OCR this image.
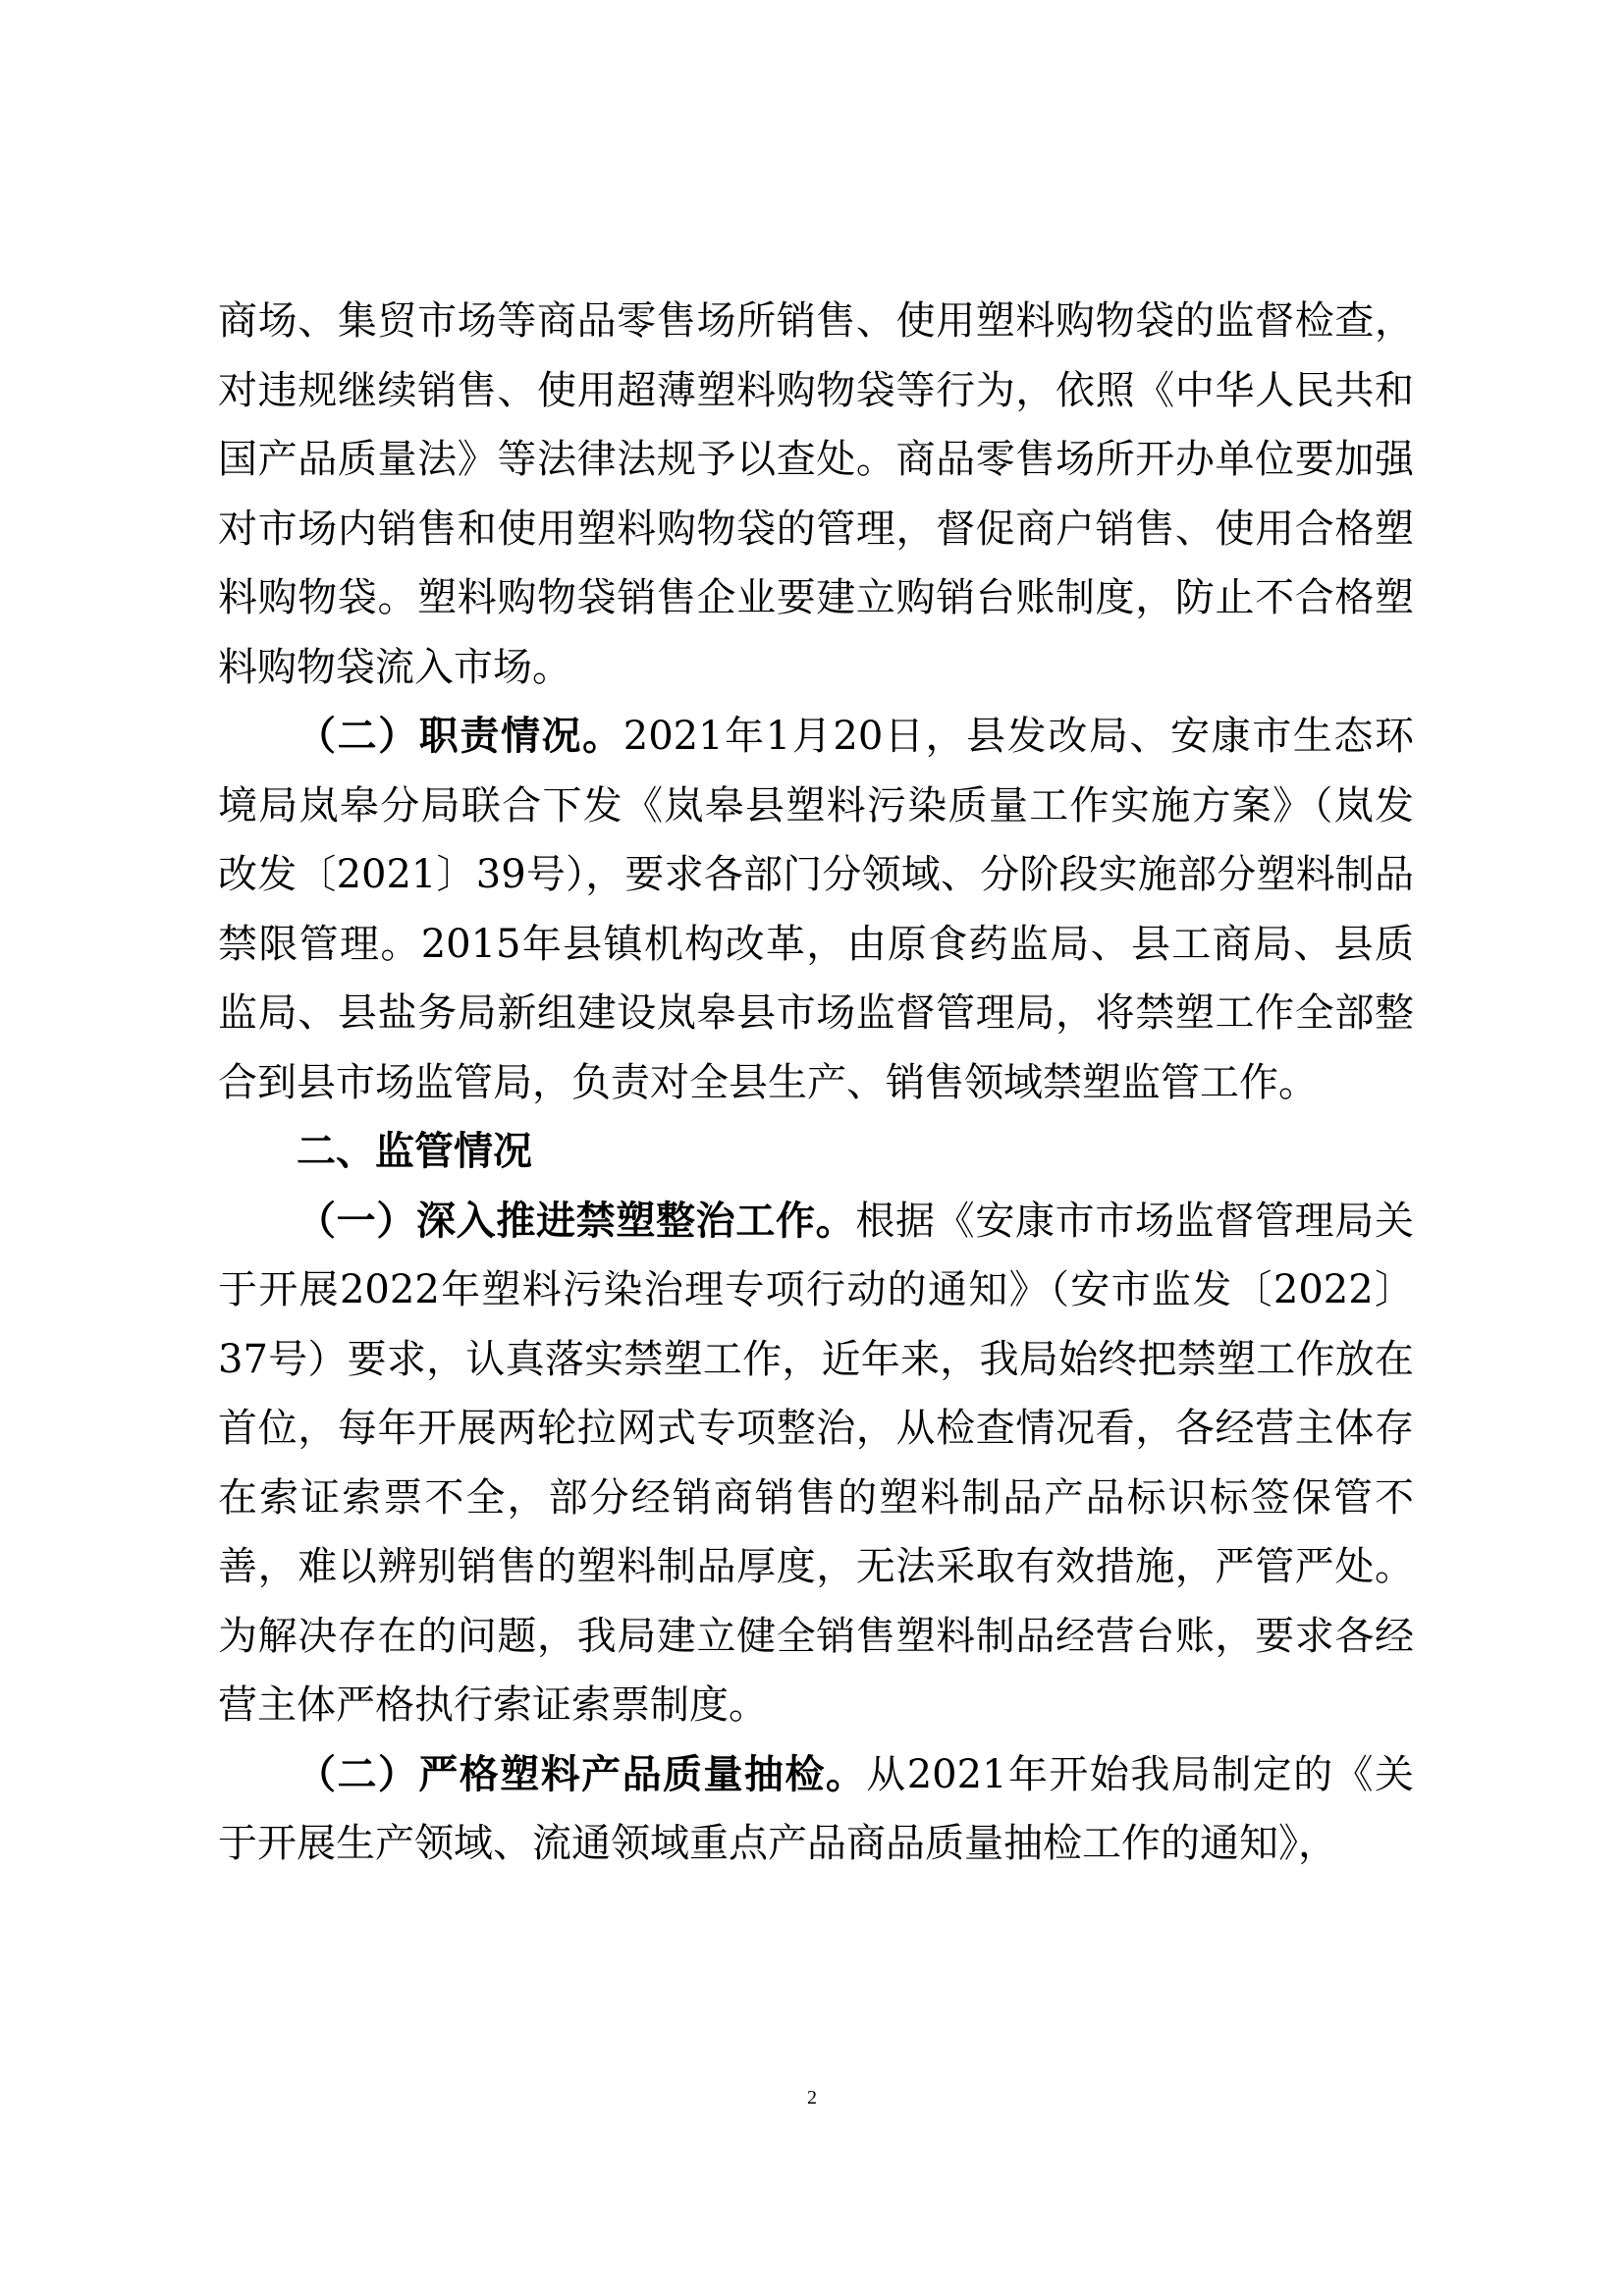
商场、集贸市场等商品零售场所销售、使用塑料购物袋的监督检查，对违规继续销售、使用超薄塑料购物袋等行为，依照《中华人民共和国产品质量法》等法律法规予以查处。商品零售场所开办单位要加强对市场内销售和使用塑料购物袋的管理，督促商户销售、使用合格塑料购物袋。塑料购物袋销售企业要建立购销台账制度，防止不合格塑料购物袋流入市场。

（二）职责情况。2021年1月20日，县发改局、安康市生态环境局岚皋分局联合下发《岚皋县塑料污染质量工作实施方案》（岚发改发〔2021〕39号），要求各部门分领域、分阶段实施部分塑料制品禁限管理。2015年县镇机构改革，由原食药监局、县工商局、县质监局、县盐务局新组建设岚皋县市场监督管理局，将禁塑工作全部整合到县市场监管局，负责对全县生产、销售领域禁塑监管工作。

二、监管情况

（一）深入推进禁塑整治工作。根据《安康市市场监督管理局关于开展2022年塑料污染治理专项行动的通知》（安市监发〔2022〕37号）要求，认真落实禁塑工作，近年来，我局始终把禁塑工作放在首位，每年开展两轮拉网式专项整治，从检查情况看，各经营主体存在索证索票不全，部分经销商销售的塑料制品产品标识标签保管不善，难以辨别销售的塑料制品厚度，无法采取有效措施，严管严处。为解决存在的问题，我局建立健全销售塑料制品经营台账，要求各经营主体严格执行索证索票制度。

（二）严格塑料产品质量抽检。从2021年开始我局制定的《关于开展生产领域、流通领域重点产品商品质量抽检工作的通知》，

2
